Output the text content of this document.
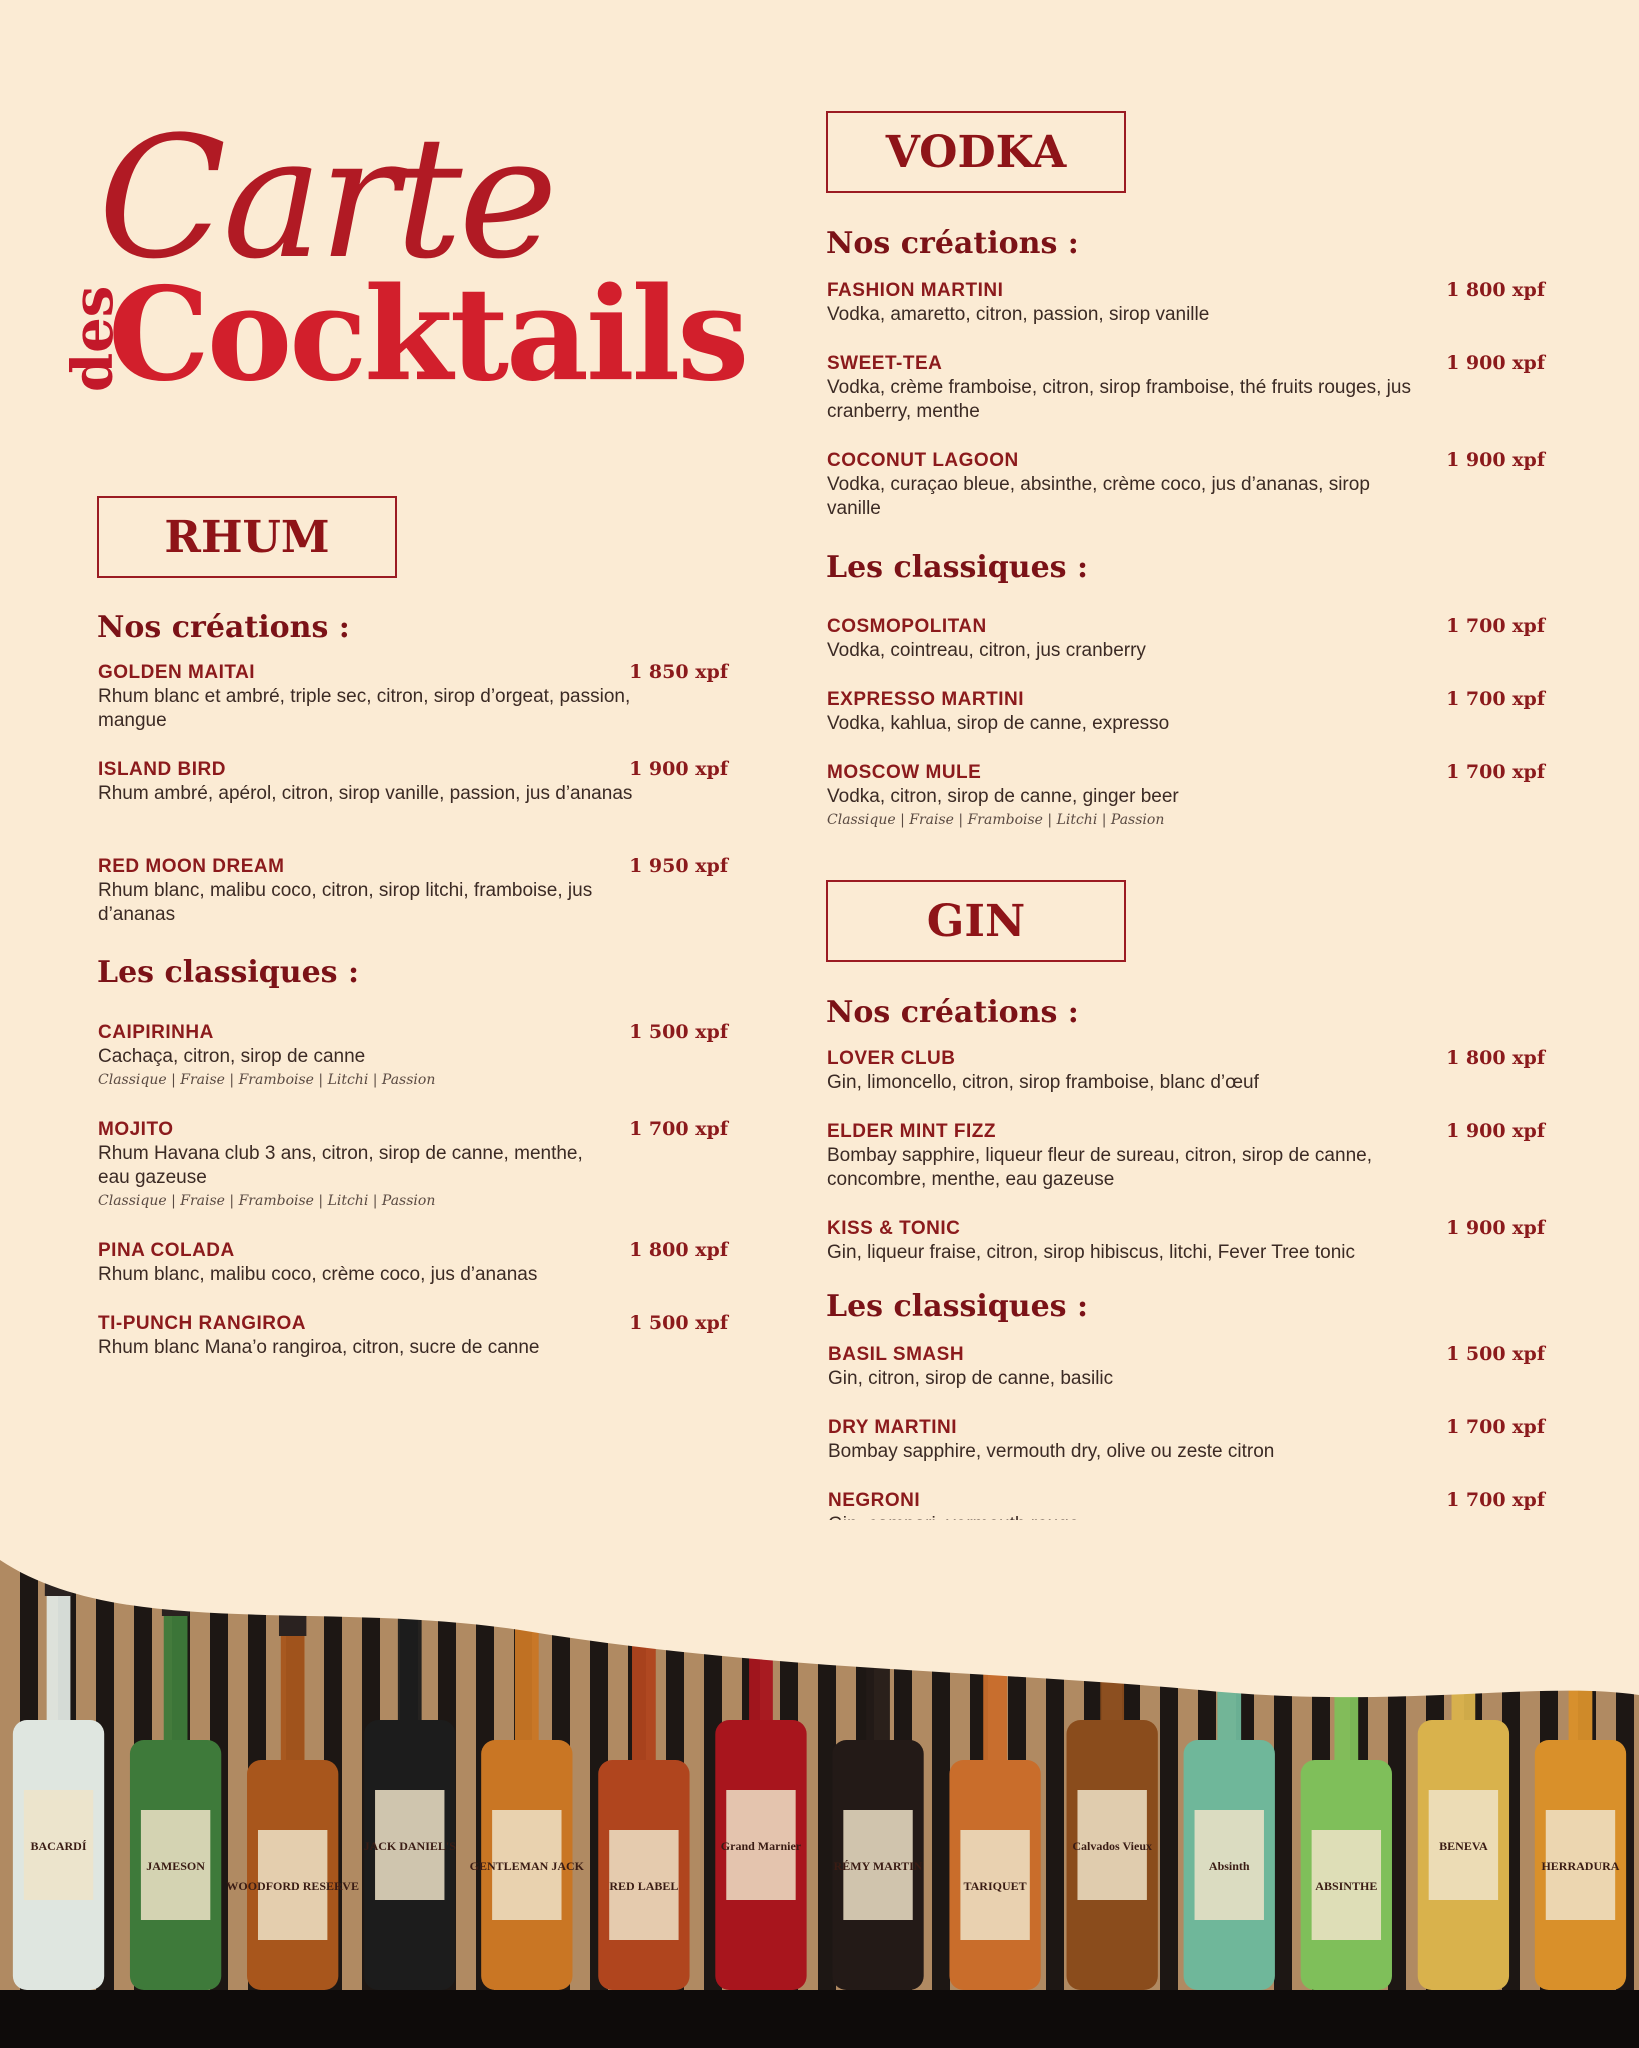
Carte
des
Cocktails
RHUM
Nos créations :
GOLDEN MAITAI
Rhum blanc et ambré, triple sec, citron, sirop d’orgeat, passion, mangue
1 850 xpf
ISLAND BIRD
Rhum ambré, apérol, citron, sirop vanille, passion, jus d’ananas
1 900 xpf
RED MOON DREAM
Rhum blanc, malibu coco, citron, sirop litchi, framboise, jus d’ananas
1 950 xpf
Les classiques :
CAIPIRINHA
Cachaça, citron, sirop de canne
Classique | Fraise | Framboise | Litchi | Passion
1 500 xpf
MOJITO
Rhum Havana club 3 ans, citron, sirop de canne, menthe, eau gazeuse
Classique | Fraise | Framboise | Litchi | Passion
1 700 xpf
PINA COLADA
Rhum blanc, malibu coco, crème coco, jus d’ananas
1 800 xpf
TI-PUNCH RANGIROA
Rhum blanc Mana’o rangiroa, citron, sucre de canne
1 500 xpf
VODKA
Nos créations :
FASHION MARTINI
Vodka, amaretto, citron, passion, sirop vanille
1 800 xpf
SWEET-TEA
Vodka, crème framboise, citron, sirop framboise, thé fruits rouges, jus cranberry, menthe
1 900 xpf
COCONUT LAGOON
Vodka, curaçao bleue, absinthe, crème coco, jus d’ananas, sirop vanille
1 900 xpf
Les classiques :
COSMOPOLITAN
Vodka, cointreau, citron, jus cranberry
1 700 xpf
EXPRESSO MARTINI
Vodka, kahlua, sirop de canne, expresso
1 700 xpf
MOSCOW MULE
Vodka, citron, sirop de canne, ginger beer
Classique | Fraise | Framboise | Litchi | Passion
1 700 xpf
GIN
Nos créations :
LOVER CLUB
Gin, limoncello, citron, sirop framboise, blanc d’œuf
1 800 xpf
ELDER MINT FIZZ
Bombay sapphire, liqueur fleur de sureau, citron, sirop de canne, concombre, menthe, eau gazeuse
1 900 xpf
KISS & TONIC
Gin, liqueur fraise, citron, sirop hibiscus, litchi, Fever Tree tonic
1 900 xpf
Les classiques :
BASIL SMASH
Gin, citron, sirop de canne, basilic
1 500 xpf
DRY MARTINI
Bombay sapphire, vermouth dry, olive ou zeste citron
1 700 xpf
NEGRONI	1 700 xpf
BACARDÍ
JAMESON
WOODFORD RESERVE
JACK DANIEL'S
GENTLEMAN JACK
RED LABEL
Grand Marnier
RÉMY MARTIN
TARIQUET
Calvados Vieux
Absinth
ABSINTHE
BENEVA
HERRADURA
